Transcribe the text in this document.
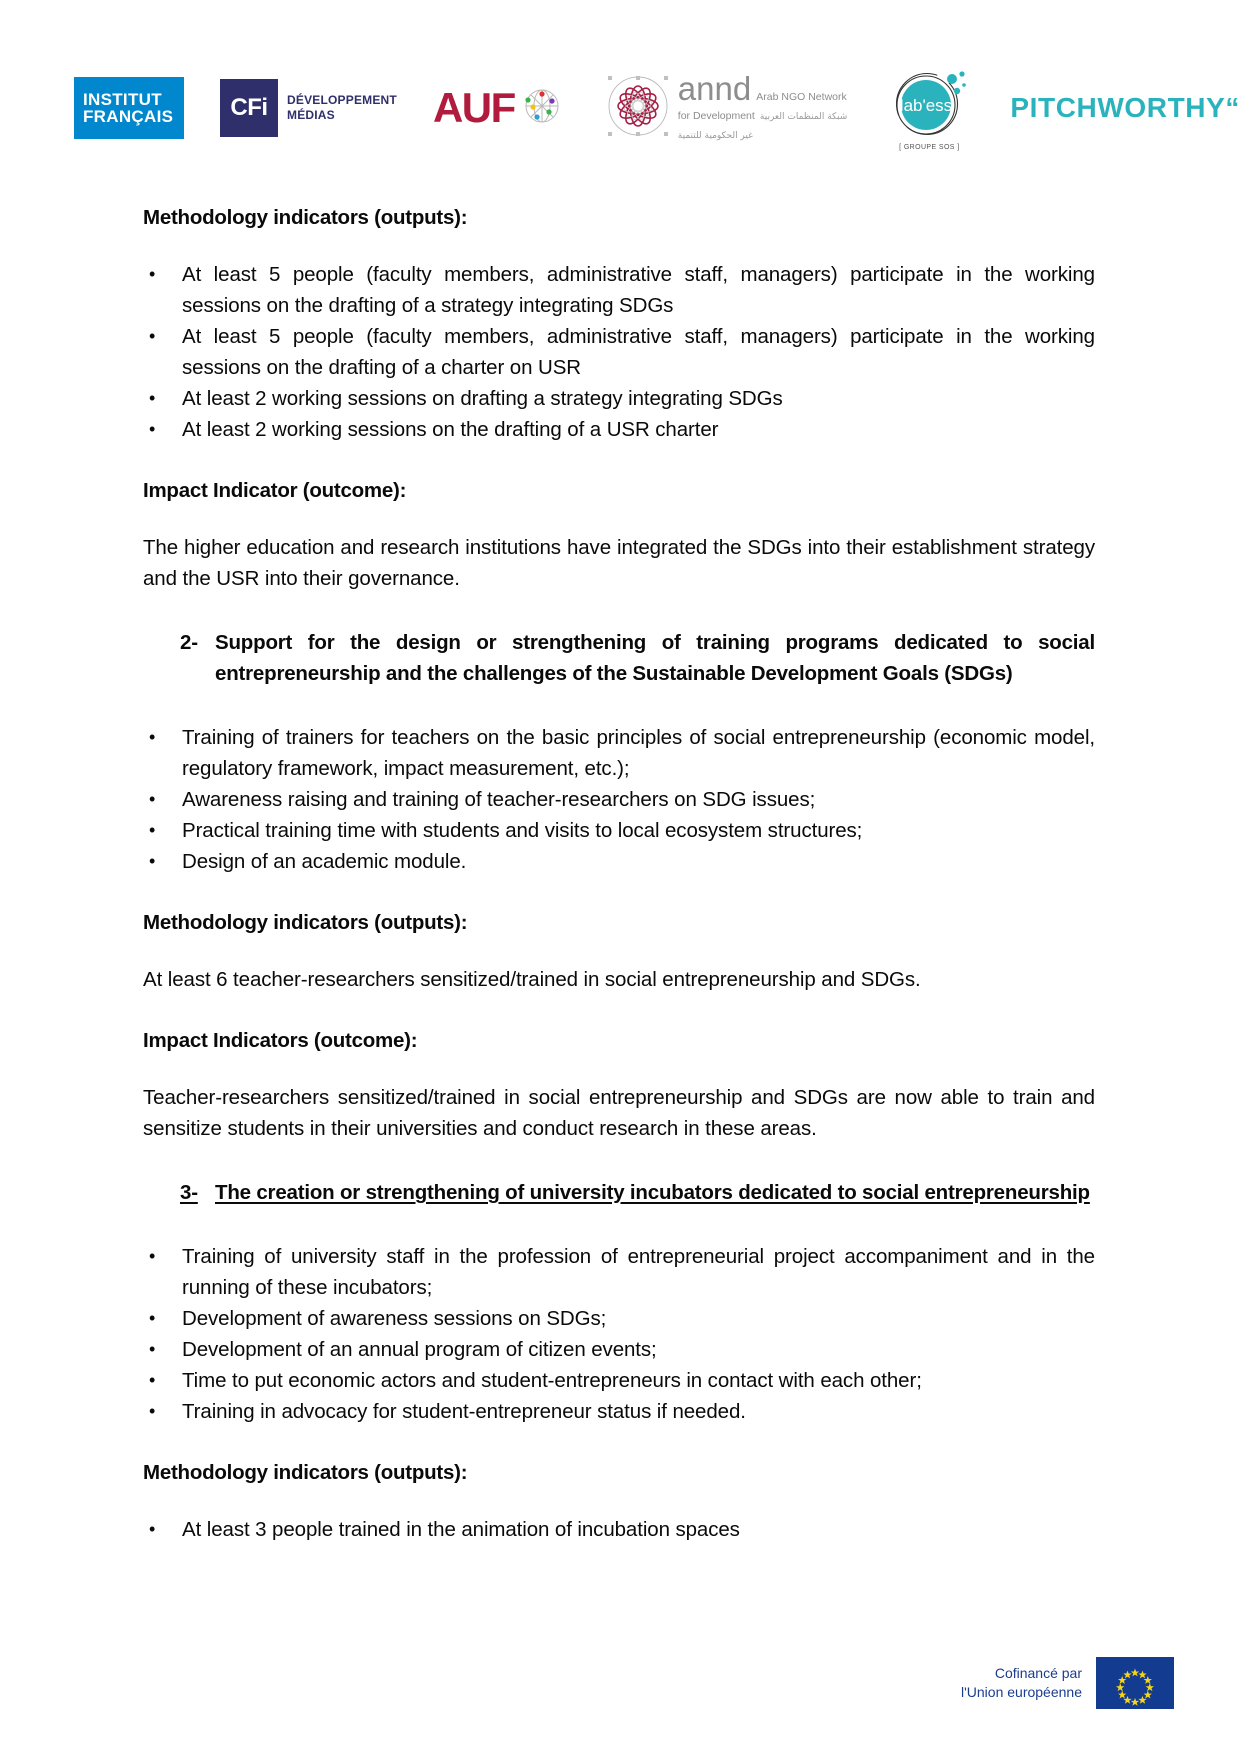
INSTITUT
FRANÇAIS	CFi	DÉVELOPPEMENT
MÉDIAS	AUF	annd Arab NGO Network for Development شبكة المنظمات العربية غير الحكومية للتنمية
lab'ess
[ GROUPE SOS ]
PITCHWORTHY“
Methodology indicators (outputs):
• At least 5 people (faculty members, administrative staff, managers) participate in the working sessions on the drafting of a strategy integrating SDGs
• At least 5 people (faculty members, administrative staff, managers) participate in the working sessions on the drafting of a charter on USR
• At least 2 working sessions on drafting a strategy integrating SDGs
• At least 2 working sessions on the drafting of a USR charter
Impact Indicator (outcome):

The higher education and research institutions have integrated the SDGs into their establishment strategy and the USR into their governance.

2- Support for the design or strengthening of training programs dedicated to social entrepreneurship and the challenges of the Sustainable Development Goals (SDGs)
• Training of trainers for teachers on the basic principles of social entrepreneurship (economic model, regulatory framework, impact measurement, etc.);
• Awareness raising and training of teacher-researchers on SDG issues;
• Practical training time with students and visits to local ecosystem structures;
• Design of an academic module.
Methodology indicators (outputs):

At least 6 teacher-researchers sensitized/trained in social entrepreneurship and SDGs.

Impact Indicators (outcome):

Teacher-researchers sensitized/trained in social entrepreneurship and SDGs are now able to train and sensitize students in their universities and conduct research in these areas.

3- The creation or strengthening of university incubators dedicated to social entrepreneurship
• Training of university staff in the profession of entrepreneurial project accompaniment and in the running of these incubators;
• Development of awareness sessions on SDGs;
• Development of an annual program of citizen events;
• Time to put economic actors and student-entrepreneurs in contact with each other;
• Training in advocacy for student-entrepreneur status if needed.
Methodology indicators (outputs):
• At least 3 people trained in the animation of incubation spaces
Cofinancé par
l'Union européenne
